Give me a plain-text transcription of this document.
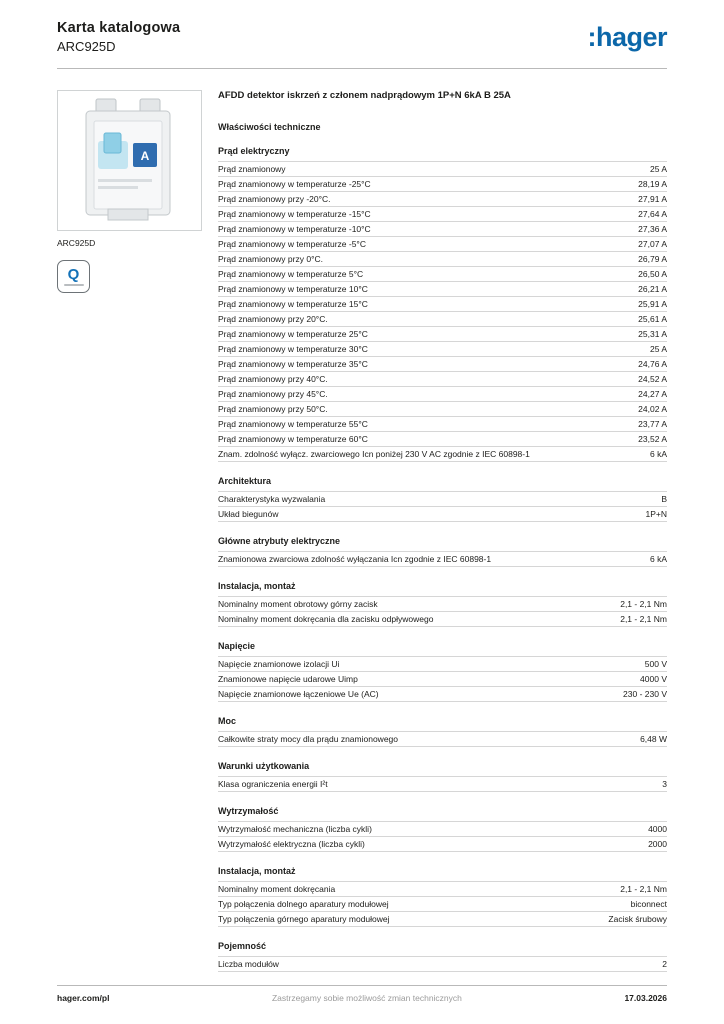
Karta katalogowa
ARC925D	:hager
A
ARC925D
Q
AFDD detektor iskrzeń z członem nadprądowym 1P+N 6kA B 25A
Właściwości techniczne
Prąd elektryczny
Prąd znamionowy	25 A
Prąd znamionowy w temperaturze -25°C	28,19 A
Prąd znamionowy przy -20°C.	27,91 A
Prąd znamionowy w temperaturze -15°C	27,64 A
Prąd znamionowy w temperaturze -10°C	27,36 A
Prąd znamionowy w temperaturze -5°C	27,07 A
Prąd znamionowy przy 0°C.	26,79 A
Prąd znamionowy w temperaturze 5°C	26,50 A
Prąd znamionowy w temperaturze 10°C	26,21 A
Prąd znamionowy w temperaturze 15°C	25,91 A
Prąd znamionowy przy 20°C.	25,61 A
Prąd znamionowy w temperaturze 25°C	25,31 A
Prąd znamionowy w temperaturze 30°C	25 A
Prąd znamionowy w temperaturze 35°C	24,76 A
Prąd znamionowy przy 40°C.	24,52 A
Prąd znamionowy przy 45°C.	24,27 A
Prąd znamionowy przy 50°C.	24,02 A
Prąd znamionowy w temperaturze 55°C	23,77 A
Prąd znamionowy w temperaturze 60°C	23,52 A
Znam. zdolność wyłącz. zwarciowego Icn poniżej 230 V AC zgodnie z IEC 60898-1	6 kA
Architektura
Charakterystyka wyzwalania	B
Układ biegunów	1P+N
Główne atrybuty elektryczne
Znamionowa zwarciowa zdolność wyłączania Icn zgodnie z IEC 60898-1	6 kA
Instalacja, montaż
Nominalny moment obrotowy górny zacisk	2,1 - 2,1 Nm
Nominalny moment dokręcania dla zacisku odpływowego	2,1 - 2,1 Nm
Napięcie
Napięcie znamionowe izolacji Ui	500 V
Znamionowe napięcie udarowe Uimp	4000 V
Napięcie znamionowe łączeniowe Ue (AC)	230 - 230 V
Moc
Całkowite straty mocy dla prądu znamionowego	6,48 W
Warunki użytkowania
Klasa ograniczenia energii I²t	3
Wytrzymałość
Wytrzymałość mechaniczna (liczba cykli)	4000
Wytrzymałość elektryczna (liczba cykli)	2000
Instalacja, montaż
Nominalny moment dokręcania	2,1 - 2,1 Nm
Typ połączenia dolnego aparatury modułowej	biconnect
Typ połączenia górnego aparatury modułowej	Zacisk śrubowy
Pojemność
Liczba modułów	2
hager.com/pl	Zastrzegamy sobie możliwość zmian technicznych	17.03.2026
